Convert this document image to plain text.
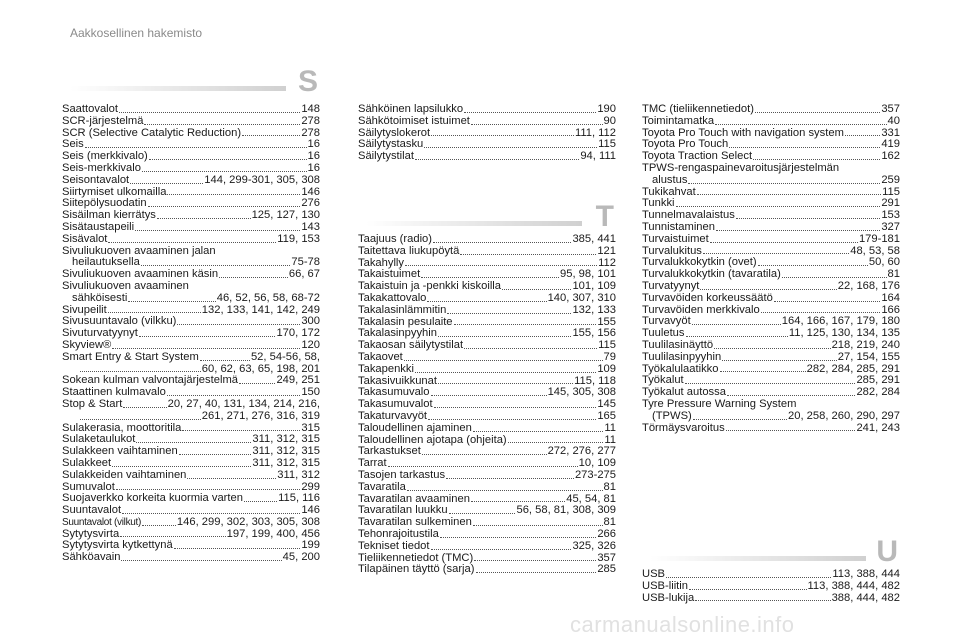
Aakkosellinen hakemisto
S
Saattovalot	148
SCR-järjestelmä	278
SCR (Selective Catalytic Reduction)	278
Seis	16
Seis (merkkivalo)	16
Seis-merkkivalo	16
Seisontavalot	144, 299-301, 305, 308
Siirtymiset ulkomailla	146
Siitepölysuodatin	276
Sisäilman kierrätys	125, 127, 130
Sisätaustapeili	143
Sisävalot	119, 153
Sivuliukuoven avaaminen jalan
heilautuksella	75-78
Sivuliukuoven avaaminen käsin	66, 67
Sivuliukuoven avaaminen
sähköisesti	46, 52, 56, 58, 68-72
Sivupeilit	132, 133, 141, 142, 249
Sivusuuntavalo (vilkku)	300
Sivuturvatyynyt	170, 172
Skyview®	120
Smart Entry & Start System	52, 54-56, 58,
60, 62, 63, 65, 198, 201
Sokean kulman valvontajärjestelmä	249, 251
Staattinen kulmavalo	150
Stop & Start	20, 27, 40, 131, 134, 214, 216,
261, 271, 276, 316, 319
Sulakerasia, moottoritila	315
Sulaketaulukot	311, 312, 315
Sulakkeen vaihtaminen	311, 312, 315
Sulakkeet	311, 312, 315
Sulakkeiden vaihtaminen	311, 312
Sumuvalot	299
Suojaverkko korkeita kuormia varten	115, 116
Suuntavalot	146
Suuntavalot (vilkut)	146, 299, 302, 303, 305, 308
Sytytysvirta	197, 199, 400, 456
Sytytysvirta kytkettynä	199
Sähköavain	45, 200
Sähköinen lapsilukko	190
Sähkötoimiset istuimet	90
Säilytyslokerot	111, 112
Säilytystasku	115
Säilytystilat	94, 111
T
Taajuus (radio)	385, 441
Taitettava liukupöytä	121
Takahylly	112
Takaistuimet	95, 98, 101
Takaistuin ja -penkki kiskoilla	101, 109
Takakattovalo	140, 307, 310
Takalasinlämmitin	132, 133
Takalasin pesulaite	155
Takalasinpyyhin	155, 156
Takaosan säilytystilat	115
Takaovet	79
Takapenkki	109
Takasivuikkunat	115, 118
Takasumuvalo	145, 305, 308
Takasumuvalot	145
Takaturvavyöt	165
Taloudellinen ajaminen	11
Taloudellinen ajotapa (ohjeita)	11
Tarkastukset	272, 276, 277
Tarrat	10, 109
Tasojen tarkastus	273-275
Tavaratila	81
Tavaratilan avaaminen	45, 54, 81
Tavaratilan luukku	56, 58, 81, 308, 309
Tavaratilan sulkeminen	81
Tehonrajoitustila	266
Tekniset tiedot	325, 326
Tieliikennetiedot (TMC)	357
Tilapäinen täyttö (sarja)	285
TMC (tieliikennetiedot)	357
Toimintamatka	40
Toyota Pro Touch with navigation system	331
Toyota Pro Touch	419
Toyota Traction Select	162
TPWS-rengaspainevaroitusjärjestelmän
alustus	259
Tukikahvat	115
Tunkki	291
Tunnelmavalaistus	153
Tunnistaminen	327
Turvaistuimet	179-181
Turvalukitus	48, 53, 58
Turvalukkokytkin (ovet)	50, 60
Turvalukkokytkin (tavaratila)	81
Turvatyynyt	22, 168, 176
Turvavöiden korkeussäätö	164
Turvavöiden merkkivalo	166
Turvavyöt	164, 166, 167, 179, 180
Tuuletus	11, 125, 130, 134, 135
Tuulilasinäyttö	218, 219, 240
Tuulilasinpyyhin	27, 154, 155
Työkalulaatikko	282, 284, 285, 291
Työkalut	285, 291
Työkalut autossa	282, 284
Tyre Pressure Warning System
(TPWS)	20, 258, 260, 290, 297
Törmäysvaroitus	241, 243
U
USB	113, 388, 444
USB-liitin	113, 388, 444, 482
USB-lukija	388, 444, 482
carmanualsonline.info
